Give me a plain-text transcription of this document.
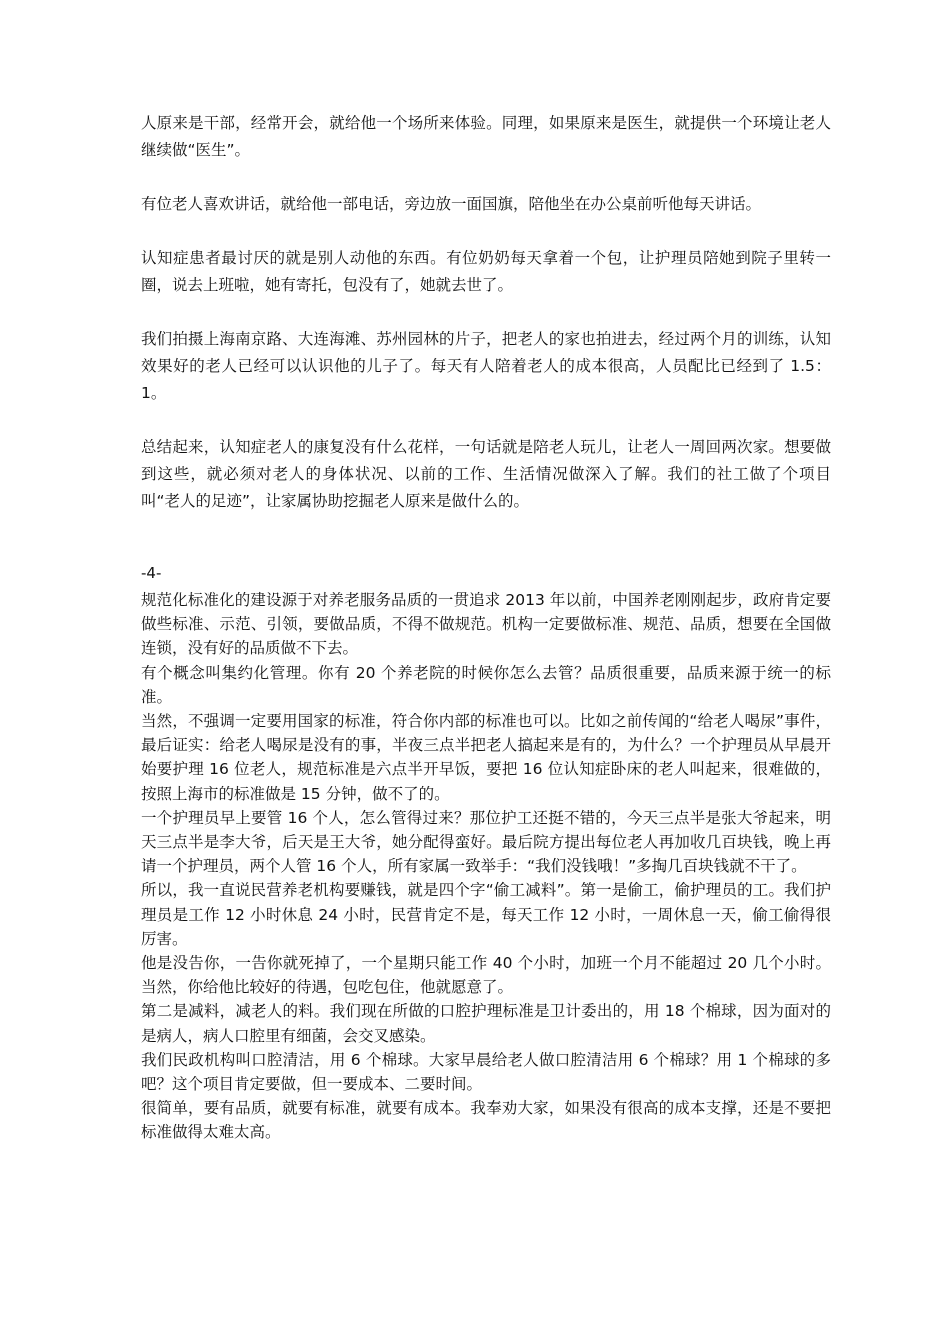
人原来是干部，经常开会，就给他一个场所来体验。同理，如果原来是医生，就提供一个环境让老人继续做“医生”。

有位老人喜欢讲话，就给他一部电话，旁边放一面国旗，陪他坐在办公桌前听他每天讲话。

认知症患者最讨厌的就是别人动他的东西。有位奶奶每天拿着一个包，让护理员陪她到院子里转一圈，说去上班啦，她有寄托，包没有了，她就去世了。

我们拍摄上海南京路、大连海滩、苏州园林的片子，把老人的家也拍进去，经过两个月的训练，认知效果好的老人已经可以认识他的儿子了。每天有人陪着老人的成本很高，人员配比已经到了 1.5：1。

总结起来，认知症老人的康复没有什么花样，一句话就是陪老人玩儿，让老人一周回两次家。想要做到这些，就必须对老人的身体状况、以前的工作、生活情况做深入了解。我们的社工做了个项目叫“老人的足迹”，让家属协助挖掘老人原来是做什么的。

-4-

规范化标准化的建设源于对养老服务品质的一贯追求 2013 年以前，中国养老刚刚起步，政府肯定要做些标准、示范、引领，要做品质，不得不做规范。机构一定要做标准、规范、品质，想要在全国做连锁，没有好的品质做不下去。

有个概念叫集约化管理。你有 20 个养老院的时候你怎么去管？品质很重要，品质来源于统一的标准。

当然，不强调一定要用国家的标准，符合你内部的标准也可以。比如之前传闻的“给老人喝尿”事件，最后证实：给老人喝尿是没有的事，半夜三点半把老人搞起来是有的，为什么？一个护理员从早晨开始要护理 16 位老人，规范标准是六点半开早饭，要把 16 位认知症卧床的老人叫起来，很难做的，按照上海市的标准做是 15 分钟，做不了的。

一个护理员早上要管 16 个人，怎么管得过来？那位护工还挺不错的，今天三点半是张大爷起来，明天三点半是李大爷，后天是王大爷，她分配得蛮好。最后院方提出每位老人再加收几百块钱，晚上再请一个护理员，两个人管 16 个人，所有家属一致举手：“我们没钱哦！”多掏几百块钱就不干了。

所以，我一直说民营养老机构要赚钱，就是四个字“偷工减料”。第一是偷工，偷护理员的工。我们护理员是工作 12 小时休息 24 小时，民营肯定不是，每天工作 12 小时，一周休息一天，偷工偷得很厉害。

他是没告你，一告你就死掉了，一个星期只能工作 40 个小时，加班一个月不能超过 20 几个小时。当然，你给他比较好的待遇，包吃包住，他就愿意了。

第二是减料，减老人的料。我们现在所做的口腔护理标准是卫计委出的，用 18 个棉球，因为面对的是病人，病人口腔里有细菌，会交叉感染。

我们民政机构叫口腔清洁，用 6 个棉球。大家早晨给老人做口腔清洁用 6 个棉球？用 1 个棉球的多吧？这个项目肯定要做，但一要成本、二要时间。

很简单，要有品质，就要有标准，就要有成本。我奉劝大家，如果没有很高的成本支撑，还是不要把标准做得太难太高。
